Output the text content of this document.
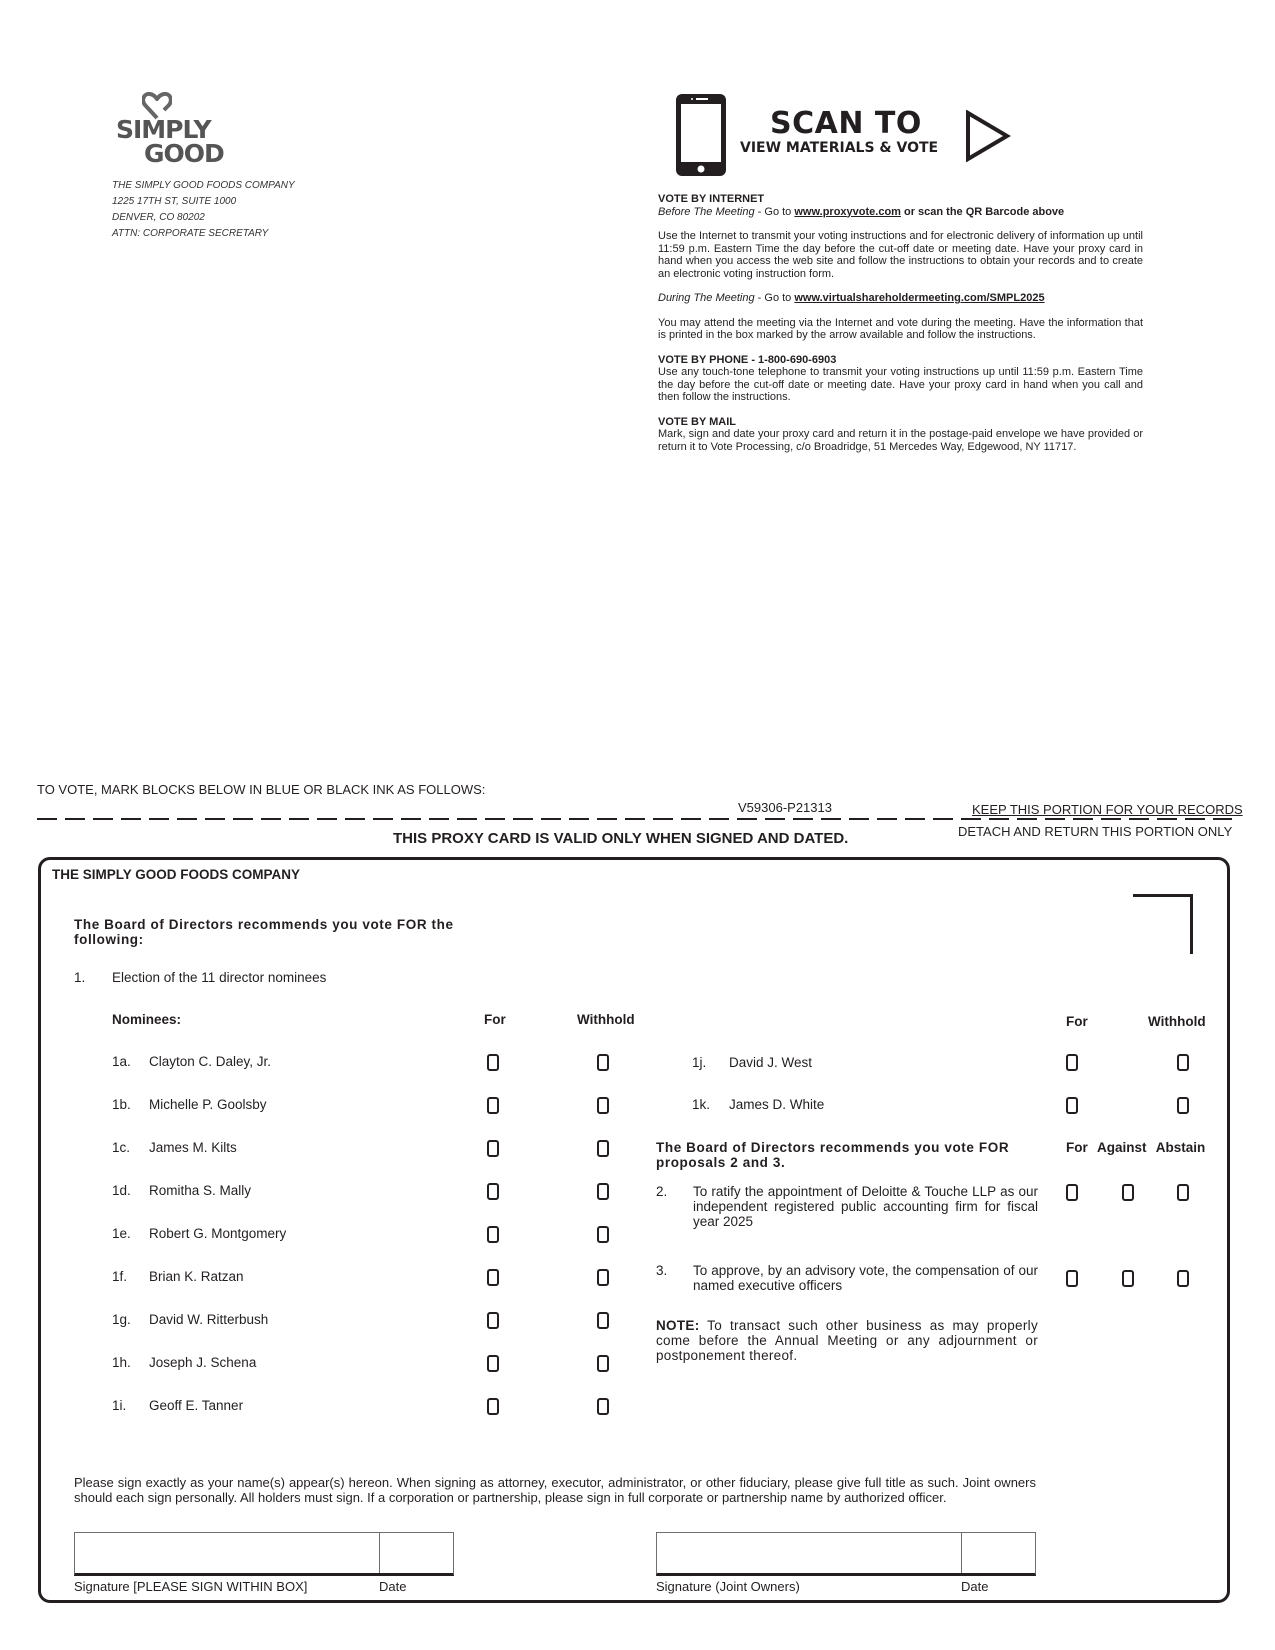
SIMPLY
GOOD
THE SIMPLY GOOD FOODS COMPANY
1225 17TH ST, SUITE 1000
DENVER, CO 80202
ATTN: CORPORATE SECRETARY
SCAN TO
VIEW MATERIALS & VOTE
VOTE BY INTERNET
Before The Meeting - Go to www.proxyvote.com or scan the QR Barcode above

Use the Internet to transmit your voting instructions and for electronic delivery of information up until 11:59 p.m. Eastern Time the day before the cut-off date or meeting date. Have your proxy card in hand when you access the web site and follow the instructions to obtain your records and to create an electronic voting instruction form.

During The Meeting - Go to www.virtualshareholdermeeting.com/SMPL2025

You may attend the meeting via the Internet and vote during the meeting. Have the information that is printed in the box marked by the arrow available and follow the instructions.

VOTE BY PHONE - 1-800-690-6903

Use any touch-tone telephone to transmit your voting instructions up until 11:59 p.m. Eastern Time the day before the cut-off date or meeting date. Have your proxy card in hand when you call and then follow the instructions.

VOTE BY MAIL

Mark, sign and date your proxy card and return it in the postage-paid envelope we have provided or return it to Vote Processing, c/o Broadridge, 51 Mercedes Way, Edgewood, NY 11717.

TO VOTE, MARK BLOCKS BELOW IN BLUE OR BLACK INK AS FOLLOWS:
V59306-P21313	KEEP THIS PORTION FOR YOUR RECORDS
DETACH AND RETURN THIS PORTION ONLY
THIS PROXY CARD IS VALID ONLY WHEN SIGNED AND DATED.
THE SIMPLY GOOD FOODS COMPANY
The Board of Directors recommends you vote FOR the following:
1. Election of the 11 director nominees
Nominees:	For	Withhold	For	Withhold
1a. Clayton C. Daley, Jr.
1b. Michelle P. Goolsby
1c. James M. Kilts
1d. Romitha S. Mally
1e. Robert G. Montgomery
1f. Brian K. Ratzan
1g. David W. Ritterbush
1h. Joseph J. Schena
1i. Geoff E. Tanner
1j. David J. West
1k. James D. White
The Board of Directors recommends you vote FOR proposals 2 and 3.
For Against Abstain
2. To ratify the appointment of Deloitte & Touche LLP as our independent registered public accounting firm for fiscal year 2025
3. To approve, by an advisory vote, the compensation of our named executive officers
NOTE: To transact such other business as may properly come before the Annual Meeting or any adjournment or postponement thereof.
Please sign exactly as your name(s) appear(s) hereon. When signing as attorney, executor, administrator, or other fiduciary, please give full title as such. Joint owners should each sign personally. All holders must sign. If a corporation or partnership, please sign in full corporate or partnership name by authorized officer.
Signature [PLEASE SIGN WITHIN BOX]	Date	Signature (Joint Owners)	Date
